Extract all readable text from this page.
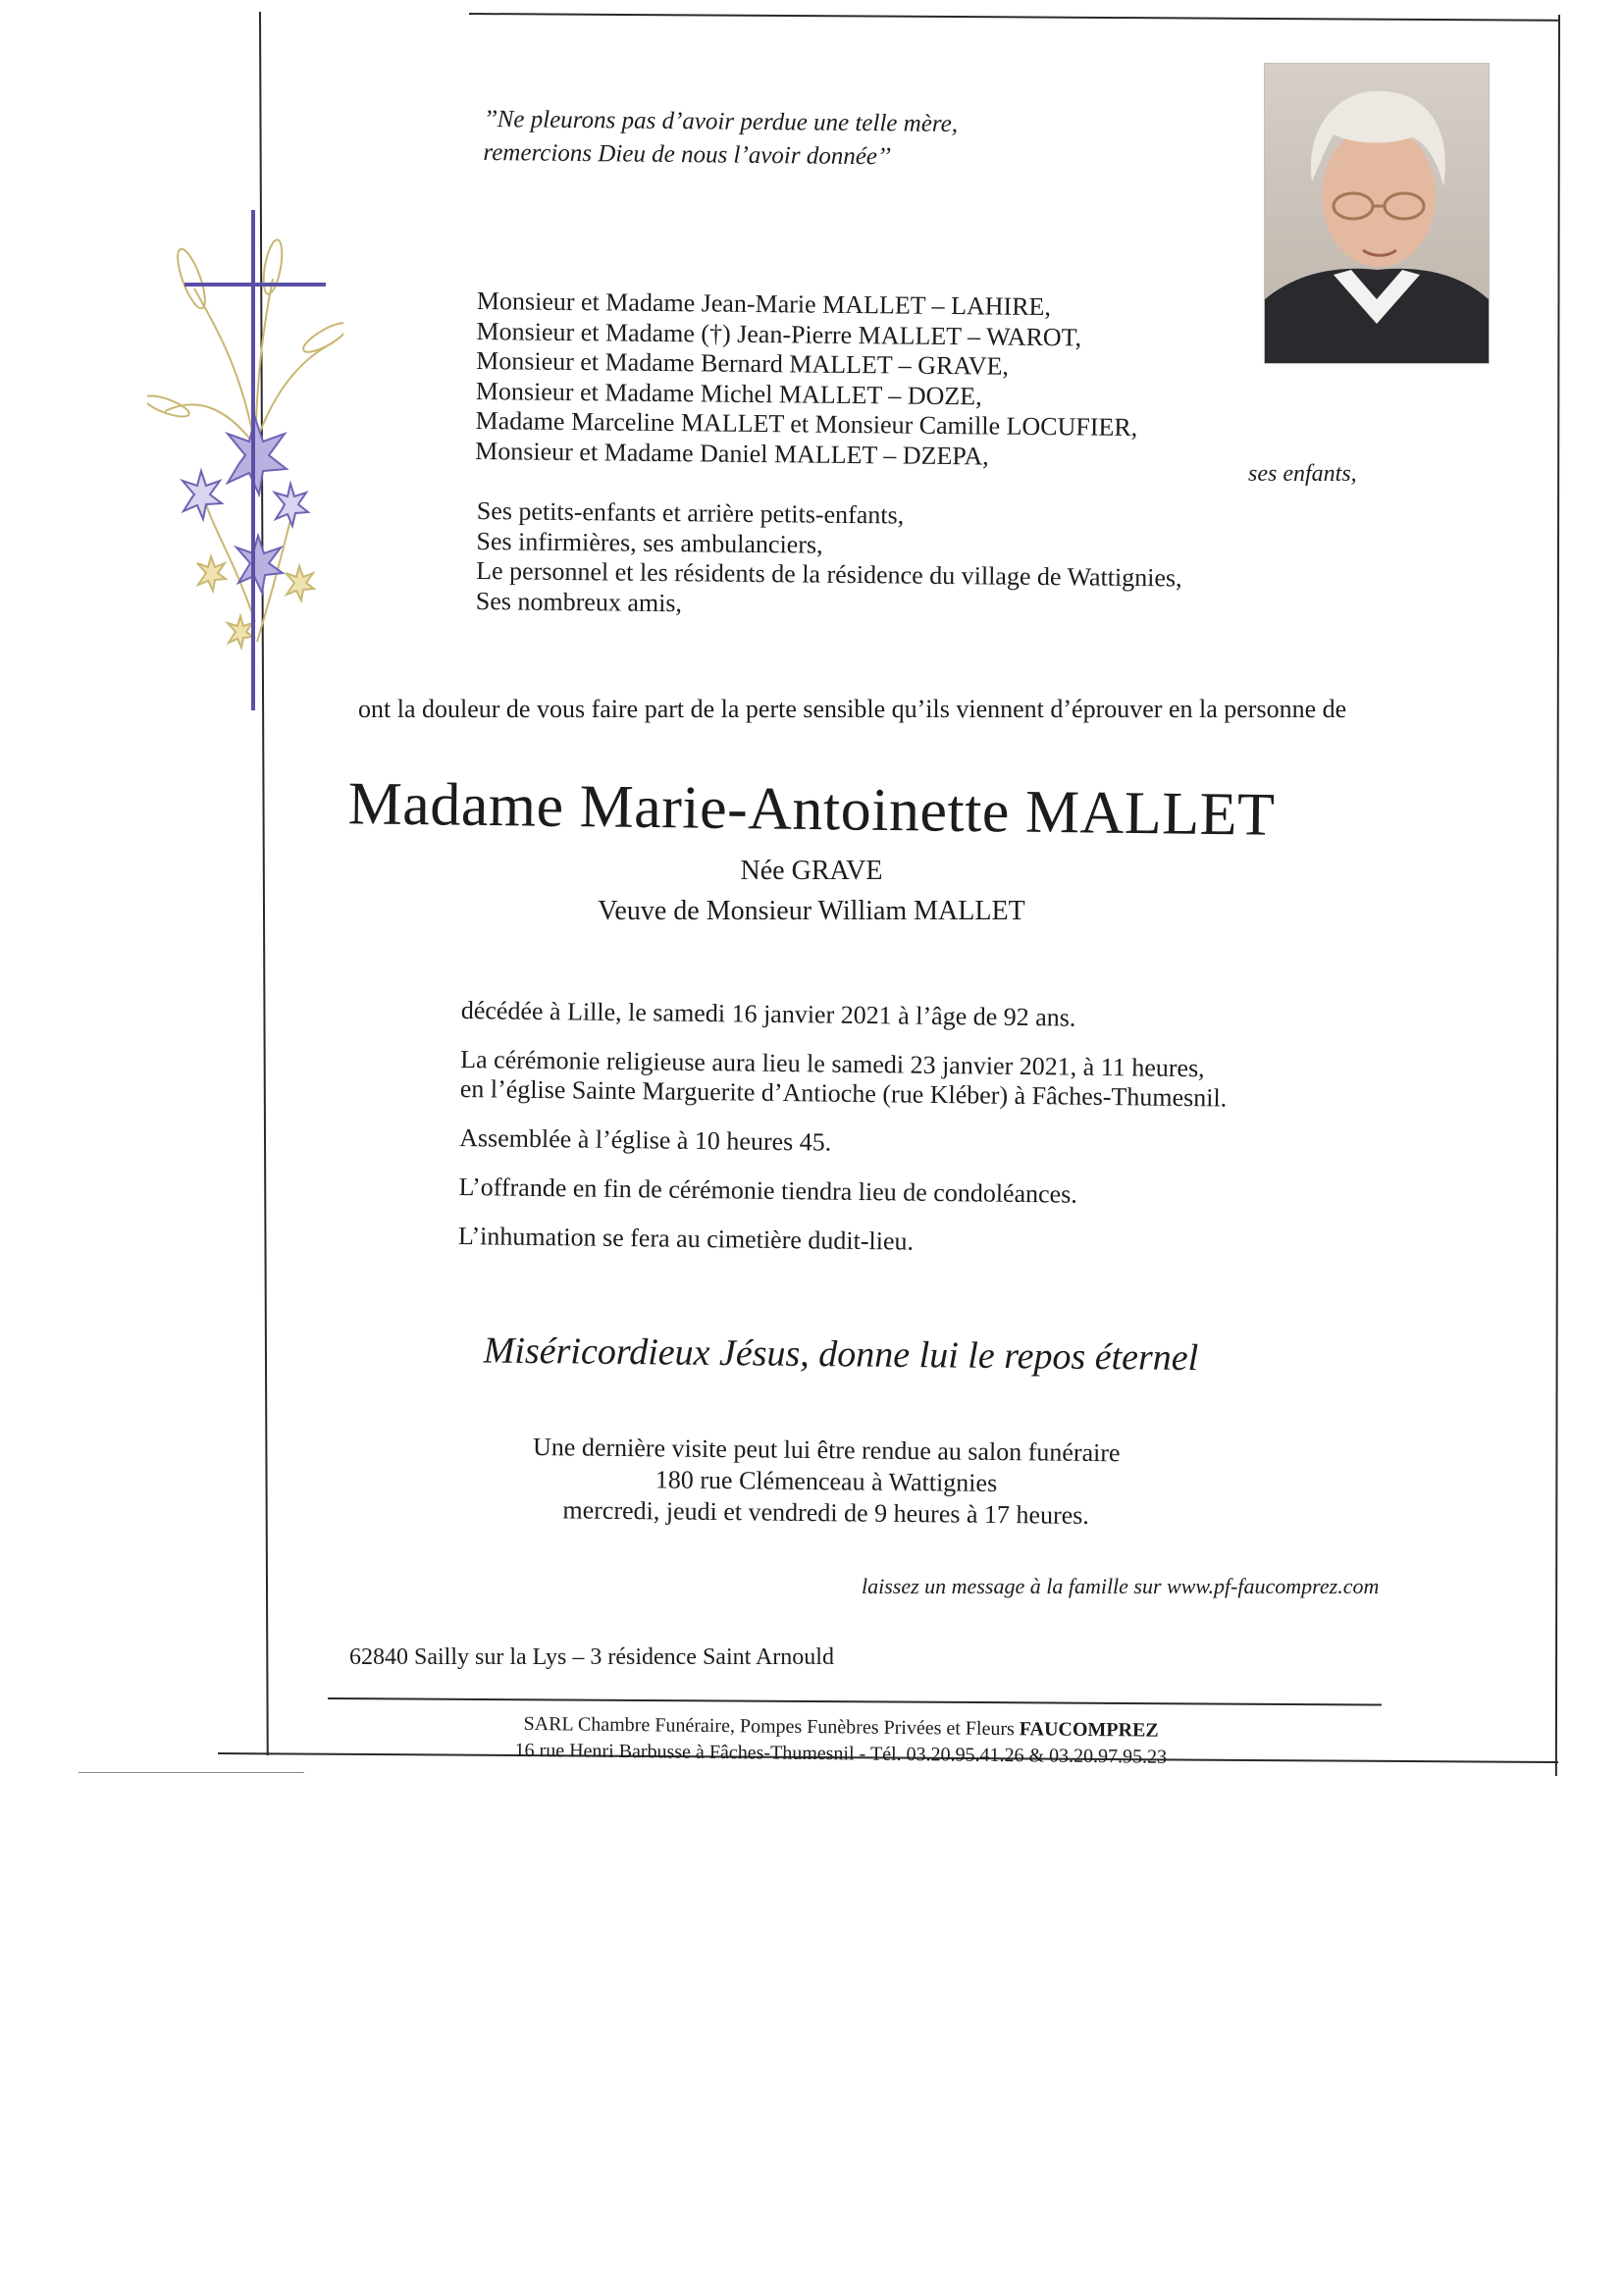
’’Ne pleurons pas d’avoir perdue une telle mère,
remercions Dieu de nous l’avoir donnée’’
Monsieur et Madame Jean-Marie MALLET – LAHIRE,
Monsieur et Madame (†) Jean-Pierre MALLET – WAROT,
Monsieur et Madame Bernard MALLET – GRAVE,
Monsieur et Madame Michel MALLET – DOZE,
Madame Marceline MALLET et Monsieur Camille LOCUFIER,
Monsieur et Madame Daniel MALLET – DZEPA,
ses enfants,
Ses petits-enfants et arrière petits-enfants,
Ses infirmières, ses ambulanciers,
Le personnel et les résidents de la résidence du village de Wattignies,
Ses nombreux amis,
ont la douleur de vous faire part de la perte sensible qu’ils viennent d’éprouver en la personne de
Madame Marie-Antoinette MALLET
Née GRAVE
Veuve de Monsieur William MALLET

décédée à Lille, le samedi 16 janvier 2021 à l’âge de 92 ans.

La cérémonie religieuse aura lieu le samedi 23 janvier 2021, à 11 heures,
en l’église Sainte Marguerite d’Antioche (rue Kléber) à Fâches-Thumesnil.

Assemblée à l’église à 10 heures 45.

L’offrande en fin de cérémonie tiendra lieu de condoléances.

L’inhumation se fera au cimetière dudit-lieu.

Miséricordieux Jésus, donne lui le repos éternel
Une dernière visite peut lui être rendue au salon funéraire
180 rue Clémenceau à Wattignies
mercredi, jeudi et vendredi de 9 heures à 17 heures.
laissez un message à la famille sur www.pf-faucomprez.com
62840 Sailly sur la Lys – 3 résidence Saint Arnould
SARL Chambre Funéraire, Pompes Funèbres Privées et Fleurs FAUCOMPREZ
16 rue Henri Barbusse à Fâches-Thumesnil - Tél. 03.20.95.41.26 & 03.20.97.95.23
